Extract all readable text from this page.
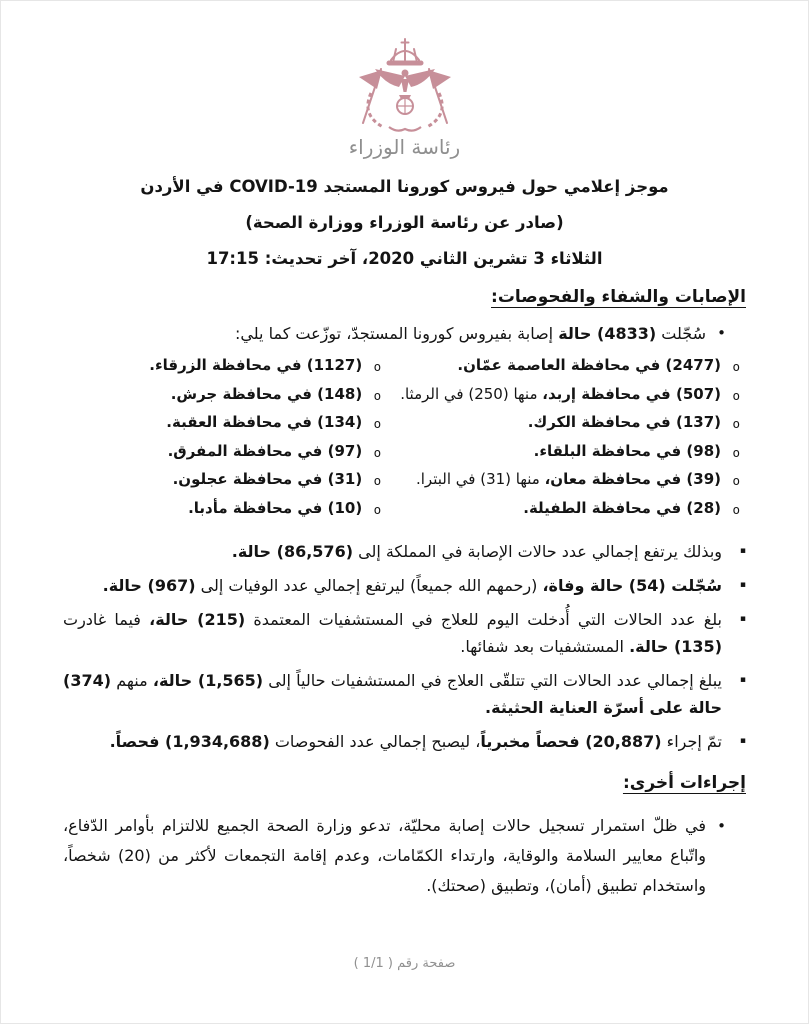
رئاسة الوزراء
موجز إعلامي حول فيروس كورونا المستجد COVID-19 في الأردن
(صادر عن رئاسة الوزراء ووزارة الصحة)
الثلاثاء 3 تشرين الثاني 2020، آخر تحديث: 17:15
الإصابات والشفاء والفحوصات:
•
سُجّلت (4833) حالة إصابة بفيروس كورونا المستجدّ، توزّعت كما يلي:
o
(2477) في محافظة العاصمة عمّان.
o
(507) في محافظة إربد، منها (250) في الرمثا.
o
(137) في محافظة الكرك.
o
(98) في محافظة البلقاء.
o
(39) في محافظة معان، منها (31) في البترا.
o
(28) في محافظة الطفيلة.
o
(1127) في محافظة الزرقاء.
o
(148) في محافظة جرش.
o
(134) في محافظة العقبة.
o
(97) في محافظة المفرق.
o
(31) في محافظة عجلون.
o
(10) في محافظة مأدبا.
▪
وبذلك يرتفع إجمالي عدد حالات الإصابة في المملكة إلى (86,576) حالة.
▪
سُجّلت (54) حالة وفاة، (رحمهم الله جميعاً) ليرتفع إجمالي عدد الوفيات إلى (967) حالة.
▪
بلغ عدد الحالات التي أُدخلت اليوم للعلاج في المستشفيات المعتمدة (215) حالة، فيما غادرت (135) حالة. المستشفيات بعد شفائها.
▪
يبلغ إجمالي عدد الحالات التي تتلقّى العلاج في المستشفيات حالياً إلى (1,565) حالة، منهم (374) حالة على أسرّة العناية الحثيثة.
▪
تمّ إجراء (20,887) فحصاً مخبرياً، ليصبح إجمالي عدد الفحوصات (1,934,688) فحصاً.
إجراءات أخرى:
•
في ظلّ استمرار تسجيل حالات إصابة محليّة، تدعو وزارة الصحة الجميع للالتزام بأوامر الدّفاع، واتّباع معايير السلامة والوقاية، وارتداء الكمّامات، وعدم إقامة التجمعات لأكثر من (20) شخصاً، واستخدام تطبيق (أمان)، وتطبيق (صحتك).
صفحة رقم ( 1/1 )
